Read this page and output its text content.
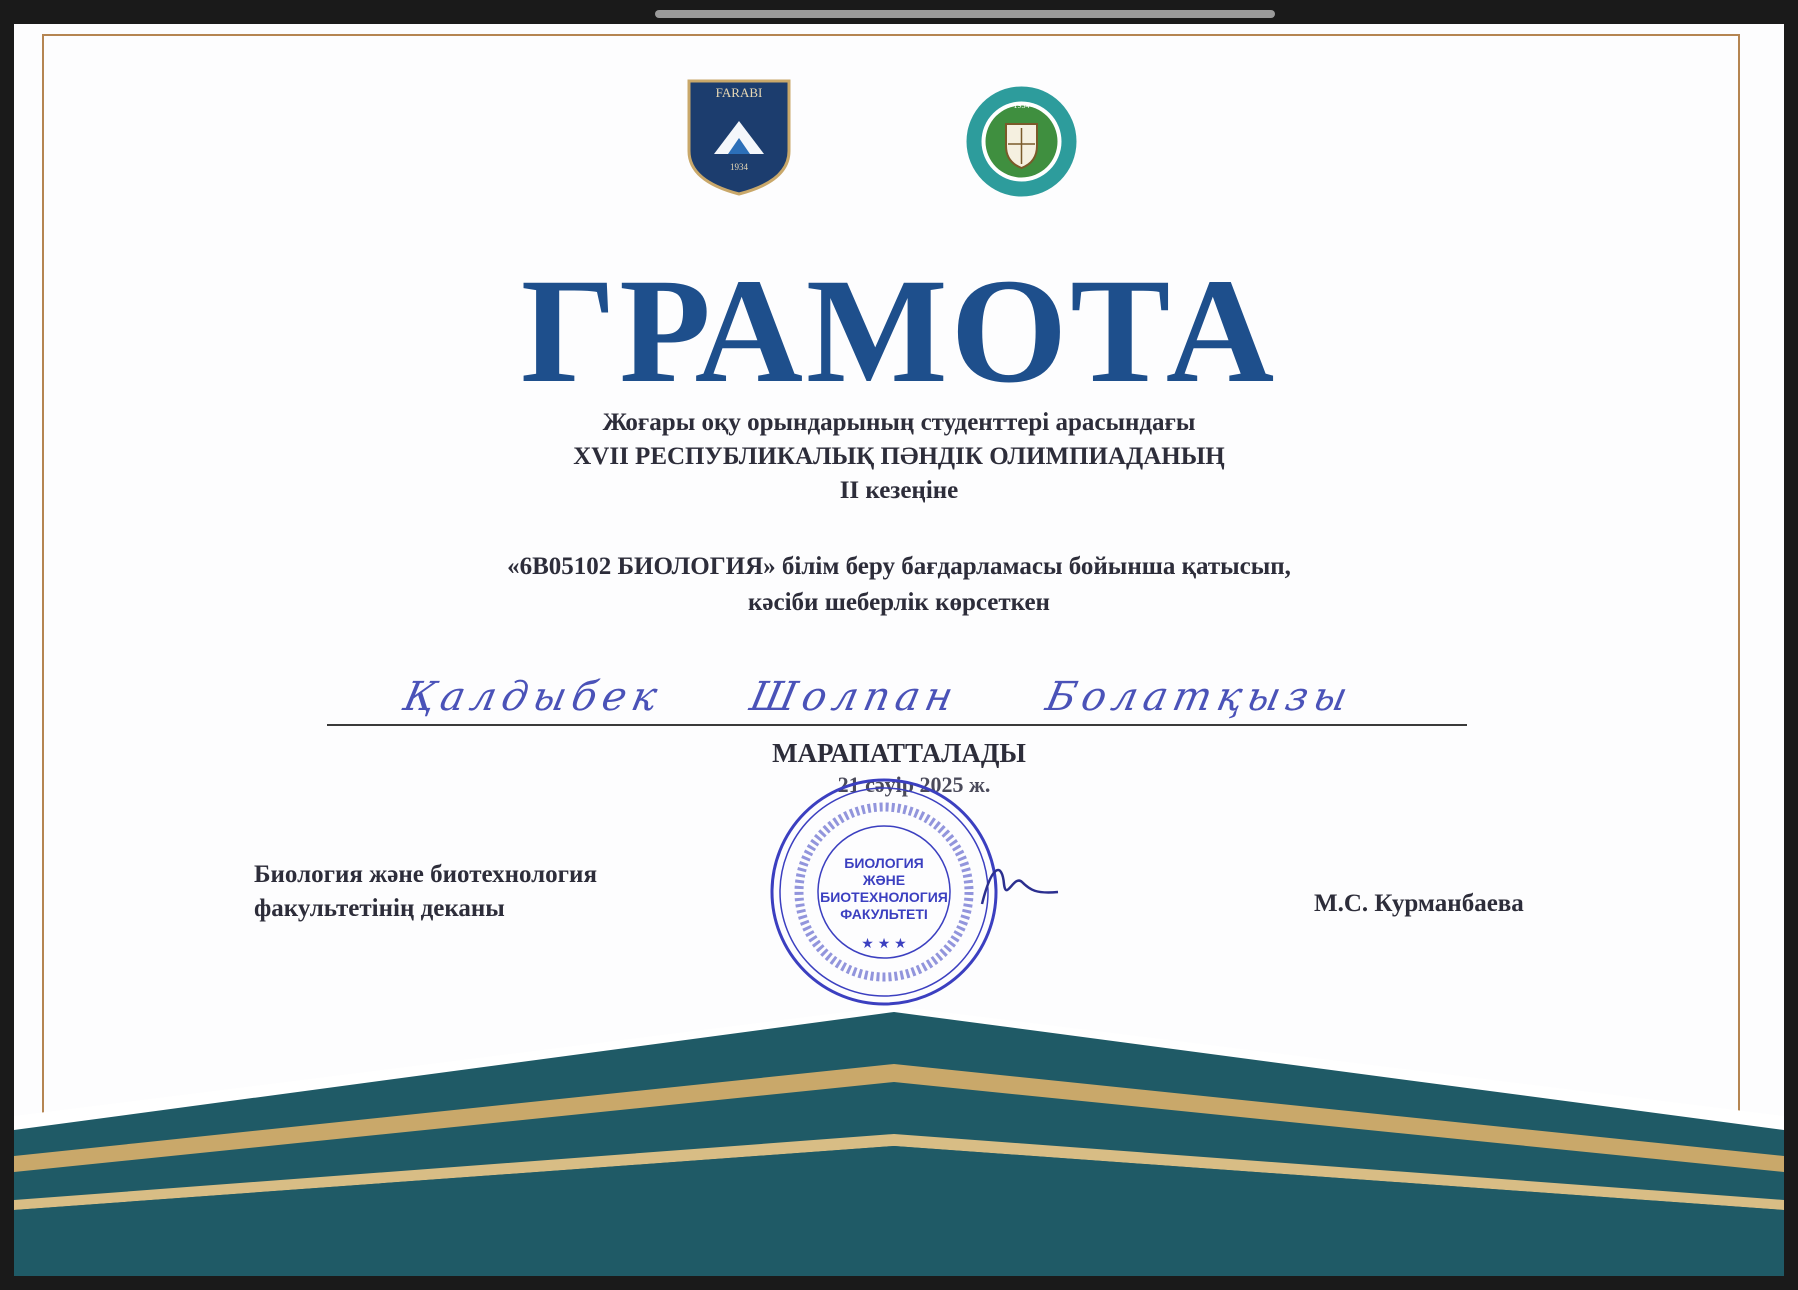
FARABI
1934
1934
ГРАМОТА
Жоғары оқу орындарының студенттері арасындағы
XVII РЕСПУБЛИКАЛЫҚ ПӘНДІК ОЛИМПИАДАНЫҢ
II кезеңіне
«6В05102 БИОЛОГИЯ» білім беру бағдарламасы бойынша қатысып,
кәсіби шеберлік көрсеткен
Қалдыбек Шолпан Болатқызы
МАРАПАТТАЛАДЫ
21 сәуір 2025 ж.
Биология және биотехнология
факультетінің деканы	М.С. Курманбаева
БИОЛОГИЯ
ЖӘНЕ
БИОТЕХНОЛОГИЯ
ФАКУЛЬТЕТІ
★ ★ ★
